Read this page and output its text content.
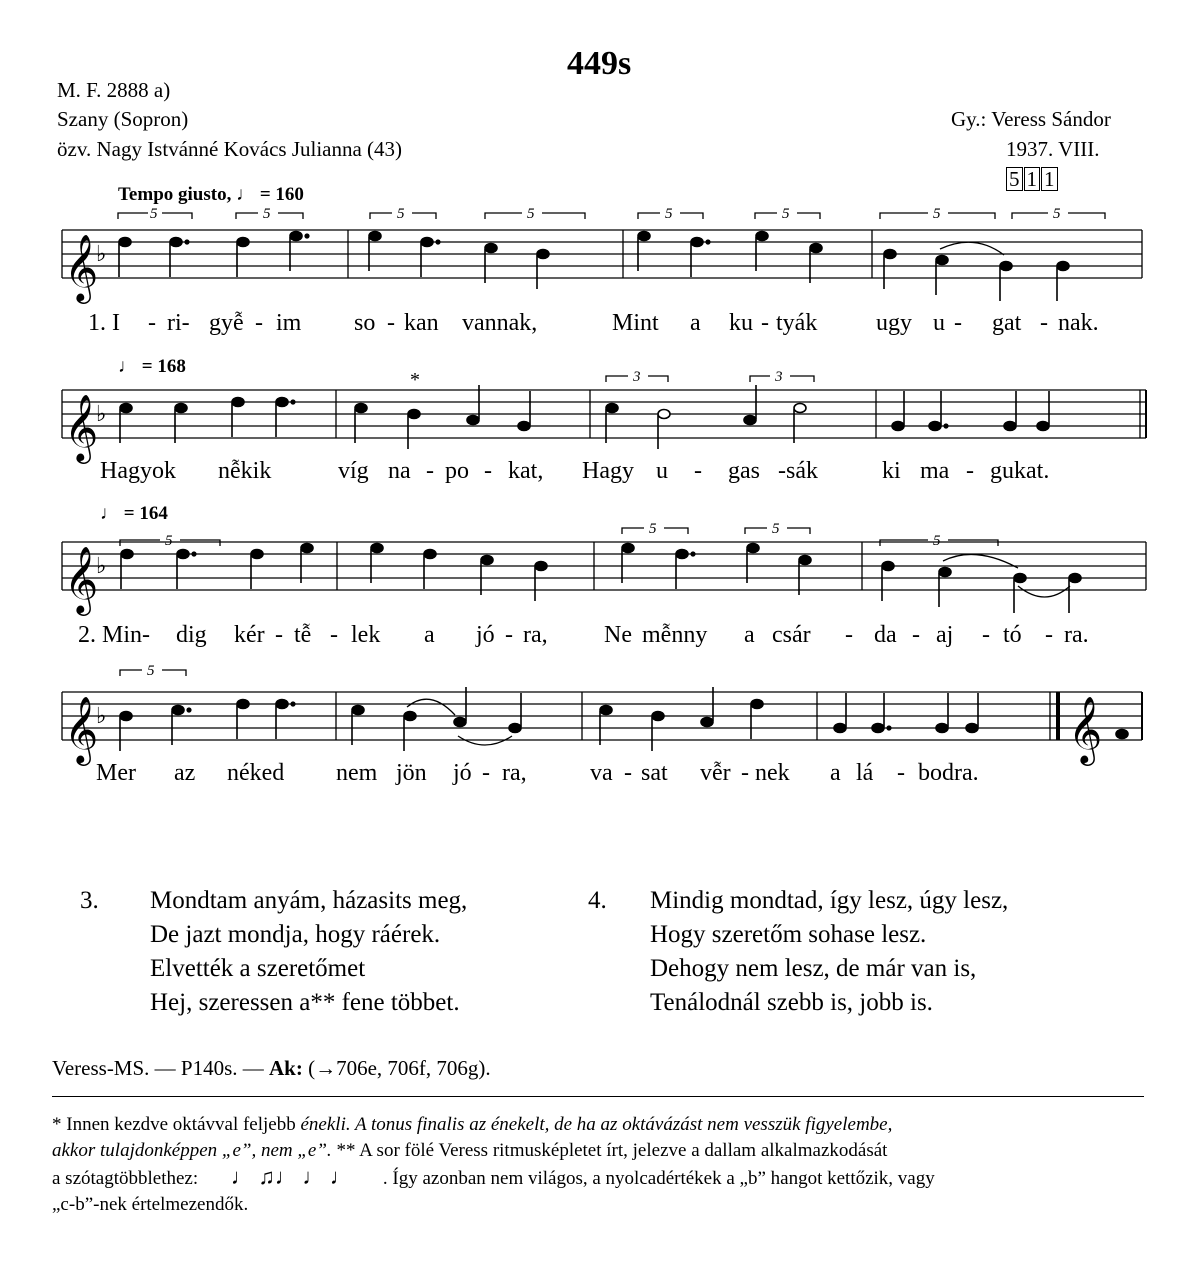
449s
M. F. 2888 a)
Szany (Sopron)
özv. Nagy Istvánné Kovács Julianna (43)
Gy.: Veress Sándor
1937. VIII.
5 1 1
Tempo giusto, ♩ = 160
𝄞
♭
5	5	5	5	5	5	5	5
1. I - ri- gyễ - im so - kan vannak,	Mint a ku - tyák ugy u - gat - nak.
♩ = 168
𝄞
♭
*	3	3
Hagyok nễkik	víg na - po - kat, Hagy u - gas - sák	ki ma - gukat.
♩ = 164
𝄞
♭
5
5	5
5
2. Min- dig kér - tễ - lek a jó - ra, Ne mễnny a csár - da - aj - tó - ra.
𝄞
♭	𝄞
5
Mer az néked nem jön jó - ra,	va - sat vễr - nek a lá - bodra.
3. Mondtam anyám, házasits meg,
De jazt mondja, hogy ráérek.
Elvették a szeretőmet
Hej, szeressen a** fene többet.
4. Mindig mondtad, így lesz, úgy lesz,
Hogy szeretőm sohase lesz.
Dehogy nem lesz, de már van is,
Tenálodnál szebb is, jobb is.
Veress-MS. — P140s. — Ak: (→706e, 706f, 706g).
* Innen kezdve oktávval feljebb énekli. A tonus finalis az énekelt, de ha az oktávázást nem vesszük figyelembe,
akkor tulajdonképpen „e”, nem „e”. ** A sor fölé Veress ritmusképletet írt, jelezve a dallam alkalmazkodását
a szótagtöbblethez: ♩ ♫♩ ♩ ♩ . Így azonban nem világos, a nyolcadértékek a „b” hangot kettőzik, vagy
„c-b”-nek értelmezendők.
